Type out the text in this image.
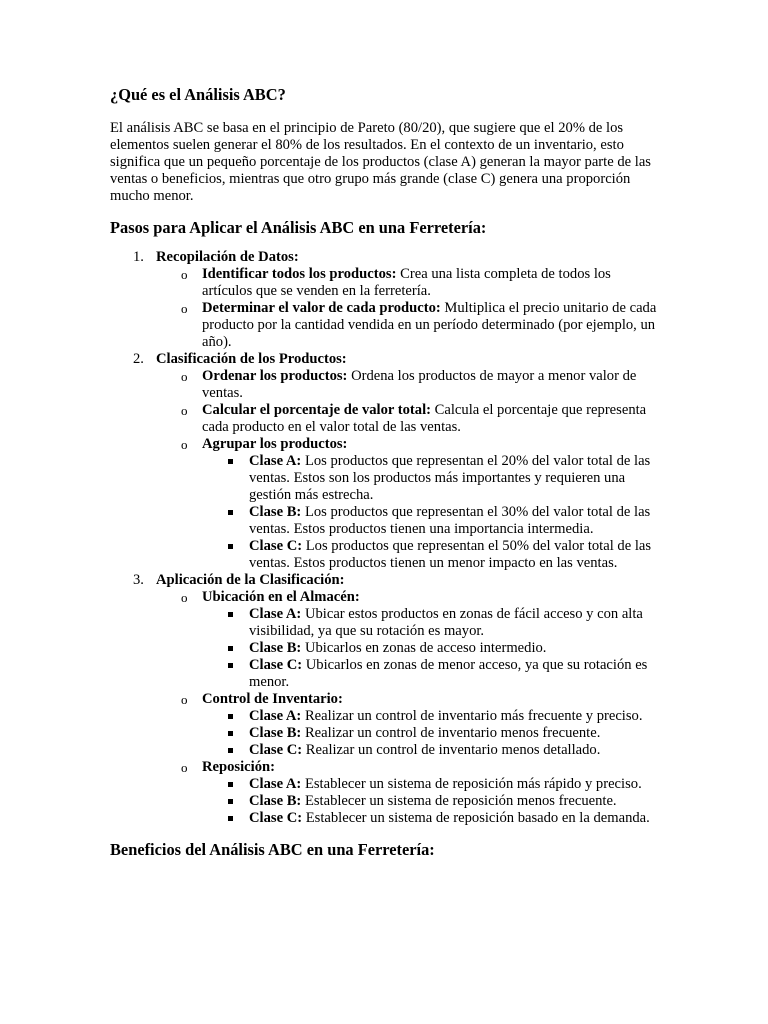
¿Qué es el Análisis ABC?

El análisis ABC se basa en el principio de Pareto (80/20), que sugiere que el 20% de los elementos suelen generar el 80% de los resultados. En el contexto de un inventario, esto significa que un pequeño porcentaje de los productos (clase A) generan la mayor parte de las ventas o beneficios, mientras que otro grupo más grande (clase C) genera una proporción mucho menor.

Pasos para Aplicar el Análisis ABC en una Ferretería:
1. Recopilación de Datos:
o Identificar todos los productos: Crea una lista completa de todos los artículos que se venden en la ferretería.
o Determinar el valor de cada producto: Multiplica el precio unitario de cada producto por la cantidad vendida en un período determinado (por ejemplo, un año).
2. Clasificación de los Productos:
o Ordenar los productos: Ordena los productos de mayor a menor valor de ventas.
o Calcular el porcentaje de valor total: Calcula el porcentaje que representa cada producto en el valor total de las ventas.
o Agrupar los productos:
Clase A: Los productos que representan el 20% del valor total de las ventas. Estos son los productos más importantes y requieren una gestión más estrecha.
Clase B: Los productos que representan el 30% del valor total de las ventas. Estos productos tienen una importancia intermedia.
Clase C: Los productos que representan el 50% del valor total de las ventas. Estos productos tienen un menor impacto en las ventas.
3. Aplicación de la Clasificación:
o Ubicación en el Almacén:
Clase A: Ubicar estos productos en zonas de fácil acceso y con alta visibilidad, ya que su rotación es mayor.
Clase B: Ubicarlos en zonas de acceso intermedio.
Clase C: Ubicarlos en zonas de menor acceso, ya que su rotación es menor.
o Control de Inventario:
Clase A: Realizar un control de inventario más frecuente y preciso.
Clase B: Realizar un control de inventario menos frecuente.
Clase C: Realizar un control de inventario menos detallado.
o Reposición:
Clase A: Establecer un sistema de reposición más rápido y preciso.
Clase B: Establecer un sistema de reposición menos frecuente.
Clase C: Establecer un sistema de reposición basado en la demanda.
Beneficios del Análisis ABC en una Ferretería:
